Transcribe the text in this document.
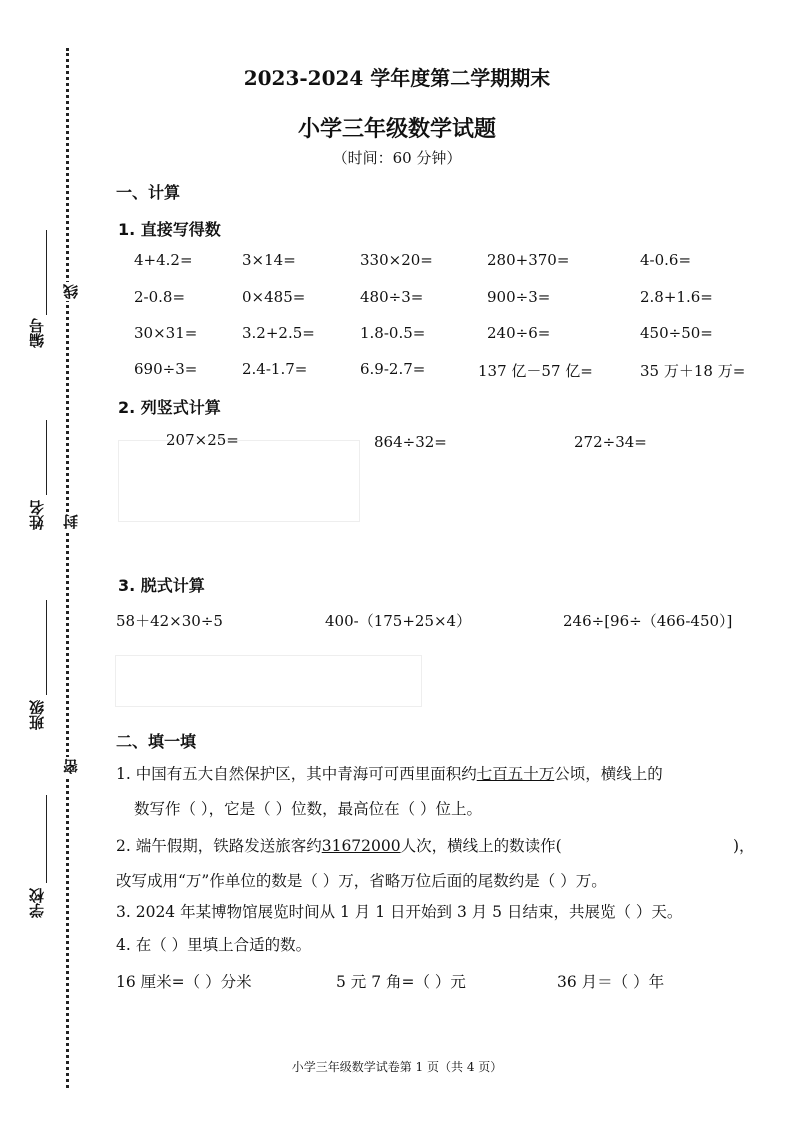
编号
姓名
班级
学校
密
封
线
2023-2024 学年度第二学期期末
小学三年级数学试题
（时间：60 分钟）
一、计算
1. 直接写得数
4+4.2=	3×14=	330×20=	280+370=	4-0.6=
2-0.8=	0×485=	480÷3=	900÷3=	2.8+1.6=
30×31=	3.2+2.5=	1.8-0.5=	240÷6=	450÷50=
690÷3=	2.4-1.7=	6.9-2.7=	137 亿－57 亿=	35 万＋18 万=
2. 列竖式计算
207×25=	864÷32=	272÷34=
3. 脱式计算
58＋42×30÷5	400-（175+25×4）	246÷[96÷（466-450）]
二、填一填
1. 中国有五大自然保护区，其中青海可可西里面积约七百五十万公顷，横线上的
数写作（ ），它是（ ）位数，最高位在（ ）位上。
2. 端午假期，铁路发送旅客约31672000人次，横线上的数读作(	)，
改写成用“万”作单位的数是（ ）万，省略万位后面的尾数约是（ ）万。
3. 2024 年某博物馆展览时间从 1 月 1 日开始到 3 月 5 日结束，共展览（ ）天。
4. 在（ ）里填上合适的数。
16 厘米=（ ）分米	5 元 7 角=（ ）元	36 月＝（ ）年
小学三年级数学试卷第 1 页（共 4 页）
